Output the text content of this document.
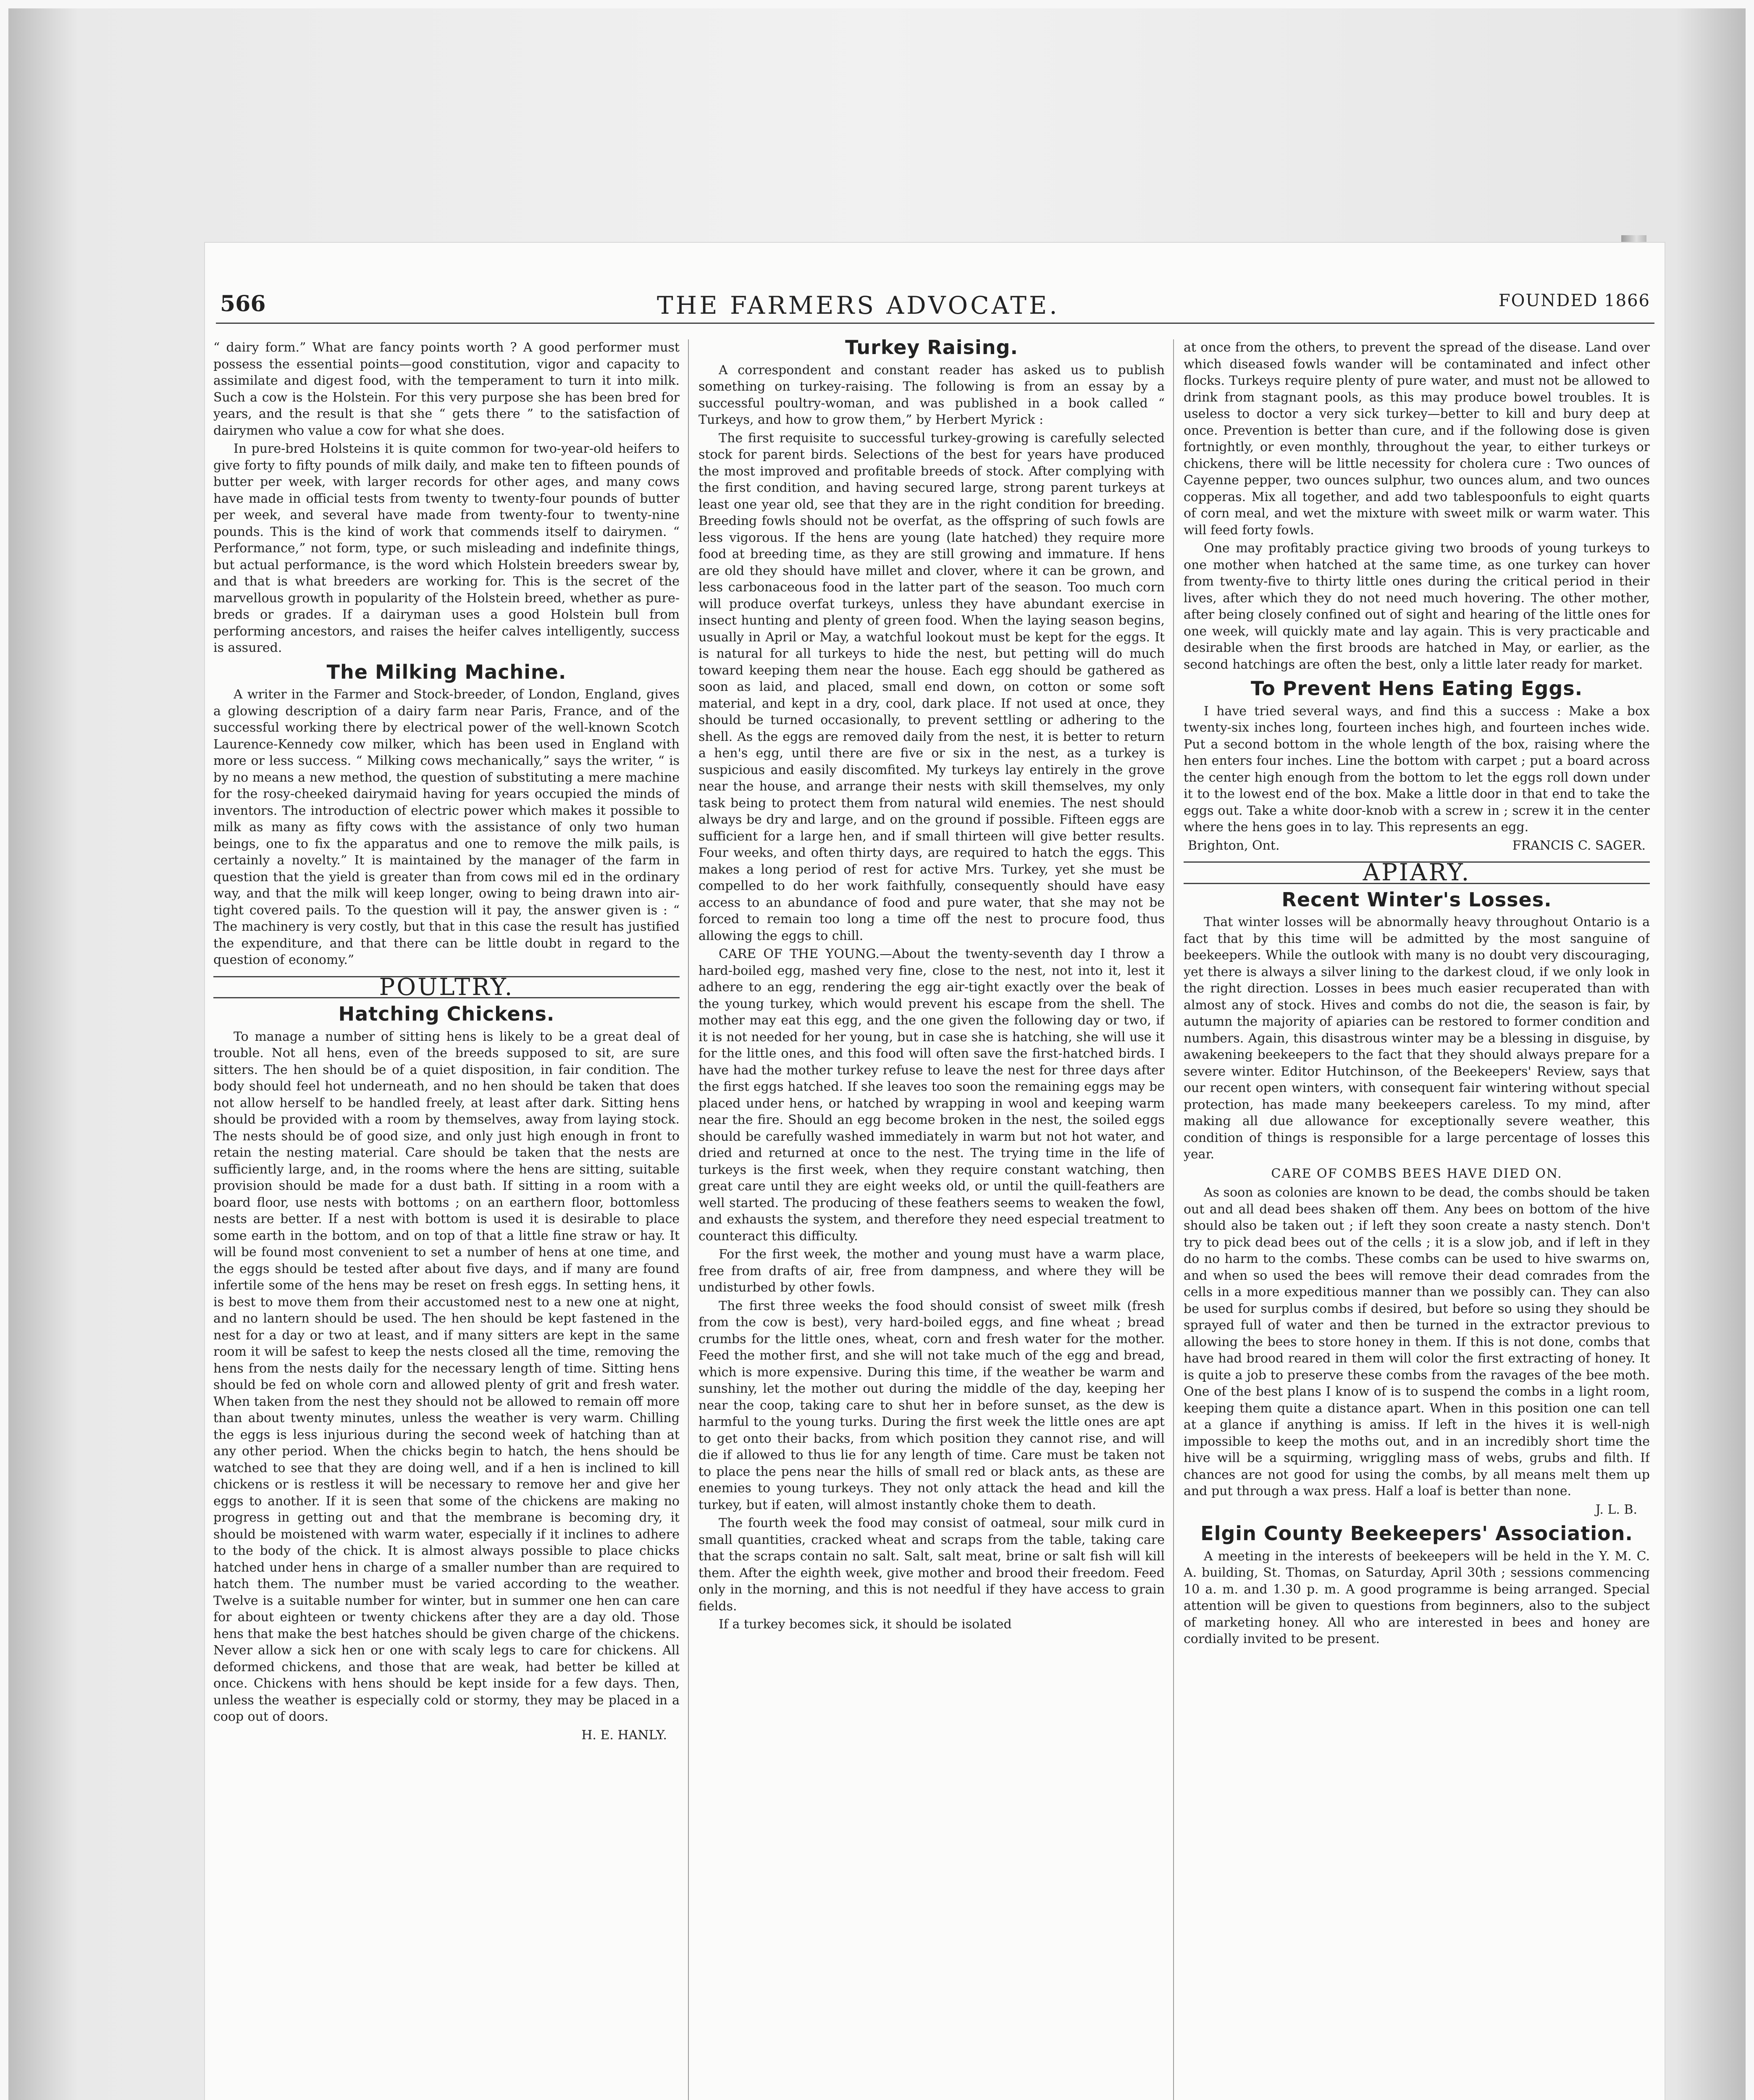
566	THE FARMERS ADVOCATE.	FOUNDED 1866

“ dairy form.” What are fancy points worth ? A good performer must possess the essential points—good constitution, vigor and capacity to assimilate and digest food, with the temperament to turn it into milk. Such a cow is the Holstein. For this very purpose she has been bred for years, and the result is that she “ gets there ” to the satisfaction of dairymen who value a cow for what she does.

In pure-bred Holsteins it is quite common for two-year-old heifers to give forty to fifty pounds of milk daily, and make ten to fifteen pounds of butter per week, with larger records for other ages, and many cows have made in official tests from twenty to twenty-four pounds of butter per week, and several have made from twenty-four to twenty-nine pounds. This is the kind of work that commends itself to dairymen. “ Performance,” not form, type, or such misleading and indefinite things, but actual performance, is the word which Holstein breeders swear by, and that is what breeders are working for. This is the secret of the marvellous growth in popularity of the Holstein breed, whether as pure-breds or grades. If a dairyman uses a good Holstein bull from performing ancestors, and raises the heifer calves intelligently, success is assured.

The Milking Machine.

A writer in the Farmer and Stock-breeder, of London, England, gives a glowing description of a dairy farm near Paris, France, and of the successful working there by electrical power of the well-known Scotch Laurence-Kennedy cow milker, which has been used in England with more or less success. “ Milking cows mechanically,” says the writer, “ is by no means a new method, the question of substituting a mere machine for the rosy-cheeked dairymaid having for years occupied the minds of inventors. The introduction of electric power which makes it possible to milk as many as fifty cows with the assistance of only two human beings, one to fix the apparatus and one to remove the milk pails, is certainly a novelty.” It is maintained by the manager of the farm in question that the yield is greater than from cows mil ed in the ordinary way, and that the milk will keep longer, owing to being drawn into air-tight covered pails. To the question will it pay, the answer given is : “ The machinery is very costly, but that in this case the result has justified the expenditure, and that there can be little doubt in regard to the question of economy.”

POULTRY.
Hatching Chickens.

To manage a number of sitting hens is likely to be a great deal of trouble. Not all hens, even of the breeds supposed to sit, are sure sitters. The hen should be of a quiet disposition, in fair condition. The body should feel hot underneath, and no hen should be taken that does not allow herself to be handled freely, at least after dark. Sitting hens should be provided with a room by themselves, away from laying stock. The nests should be of good size, and only just high enough in front to retain the nesting material. Care should be taken that the nests are sufficiently large, and, in the rooms where the hens are sitting, suitable provision should be made for a dust bath. If sitting in a room with a board floor, use nests with bottoms ; on an earthern floor, bottomless nests are better. If a nest with bottom is used it is desirable to place some earth in the bottom, and on top of that a little fine straw or hay. It will be found most convenient to set a number of hens at one time, and the eggs should be tested after about five days, and if many are found infertile some of the hens may be reset on fresh eggs. In setting hens, it is best to move them from their accustomed nest to a new one at night, and no lantern should be used. The hen should be kept fastened in the nest for a day or two at least, and if many sitters are kept in the same room it will be safest to keep the nests closed all the time, removing the hens from the nests daily for the necessary length of time. Sitting hens should be fed on whole corn and allowed plenty of grit and fresh water. When taken from the nest they should not be allowed to remain off more than about twenty minutes, unless the weather is very warm. Chilling the eggs is less injurious during the second week of hatching than at any other period. When the chicks begin to hatch, the hens should be watched to see that they are doing well, and if a hen is inclined to kill chickens or is restless it will be necessary to remove her and give her eggs to another. If it is seen that some of the chickens are making no progress in getting out and that the membrane is becoming dry, it should be moistened with warm water, especially if it inclines to adhere to the body of the chick. It is almost always possible to place chicks hatched under hens in charge of a smaller number than are required to hatch them. The number must be varied according to the weather. Twelve is a suitable number for winter, but in summer one hen can care for about eighteen or twenty chickens after they are a day old. Those hens that make the best hatches should be given charge of the chickens. Never allow a sick hen or one with scaly legs to care for chickens. All deformed chickens, and those that are weak, had better be killed at once. Chickens with hens should be kept inside for a few days. Then, unless the weather is especially cold or stormy, they may be placed in a coop out of doors.

H. E. HANLY.
Turkey Raising.

A correspondent and constant reader has asked us to publish something on turkey-raising. The following is from an essay by a successful poultry-woman, and was published in a book called “ Turkeys, and how to grow them,” by Herbert Myrick :

The first requisite to successful turkey-growing is carefully selected stock for parent birds. Selections of the best for years have produced the most improved and profitable breeds of stock. After complying with the first condition, and having secured large, strong parent turkeys at least one year old, see that they are in the right condition for breeding. Breeding fowls should not be overfat, as the offspring of such fowls are less vigorous. If the hens are young (late hatched) they require more food at breeding time, as they are still growing and immature. If hens are old they should have millet and clover, where it can be grown, and less carbonaceous food in the latter part of the season. Too much corn will produce overfat turkeys, unless they have abundant exercise in insect hunting and plenty of green food. When the laying season begins, usually in April or May, a watchful lookout must be kept for the eggs. It is natural for all turkeys to hide the nest, but petting will do much toward keeping them near the house. Each egg should be gathered as soon as laid, and placed, small end down, on cotton or some soft material, and kept in a dry, cool, dark place. If not used at once, they should be turned occasionally, to prevent settling or adhering to the shell. As the eggs are removed daily from the nest, it is better to return a hen's egg, until there are five or six in the nest, as a turkey is suspicious and easily discomfited. My turkeys lay entirely in the grove near the house, and arrange their nests with skill themselves, my only task being to protect them from natural wild enemies. The nest should always be dry and large, and on the ground if possible. Fifteen eggs are sufficient for a large hen, and if small thirteen will give better results. Four weeks, and often thirty days, are required to hatch the eggs. This makes a long period of rest for active Mrs. Turkey, yet she must be compelled to do her work faithfully, consequently should have easy access to an abundance of food and pure water, that she may not be forced to remain too long a time off the nest to procure food, thus allowing the eggs to chill.

CARE OF THE YOUNG.—About the twenty-seventh day I throw a hard-boiled egg, mashed very fine, close to the nest, not into it, lest it adhere to an egg, rendering the egg air-tight exactly over the beak of the young turkey, which would prevent his escape from the shell. The mother may eat this egg, and the one given the following day or two, if it is not needed for her young, but in case she is hatching, she will use it for the little ones, and this food will often save the first-hatched birds. I have had the mother turkey refuse to leave the nest for three days after the first eggs hatched. If she leaves too soon the remaining eggs may be placed under hens, or hatched by wrapping in wool and keeping warm near the fire. Should an egg become broken in the nest, the soiled eggs should be carefully washed immediately in warm but not hot water, and dried and returned at once to the nest. The trying time in the life of turkeys is the first week, when they require constant watching, then great care until they are eight weeks old, or until the quill-feathers are well started. The producing of these feathers seems to weaken the fowl, and exhausts the system, and therefore they need especial treatment to counteract this difficulty.

For the first week, the mother and young must have a warm place, free from drafts of air, free from dampness, and where they will be undisturbed by other fowls.

The first three weeks the food should consist of sweet milk (fresh from the cow is best), very hard-boiled eggs, and fine wheat ; bread crumbs for the little ones, wheat, corn and fresh water for the mother. Feed the mother first, and she will not take much of the egg and bread, which is more expensive. During this time, if the weather be warm and sunshiny, let the mother out during the middle of the day, keeping her near the coop, taking care to shut her in before sunset, as the dew is harmful to the young turks. During the first week the little ones are apt to get onto their backs, from which position they cannot rise, and will die if allowed to thus lie for any length of time. Care must be taken not to place the pens near the hills of small red or black ants, as these are enemies to young turkeys. They not only attack the head and kill the turkey, but if eaten, will almost instantly choke them to death.

The fourth week the food may consist of oatmeal, sour milk curd in small quantities, cracked wheat and scraps from the table, taking care that the scraps contain no salt. Salt, salt meat, brine or salt fish will kill them. After the eighth week, give mother and brood their freedom. Feed only in the morning, and this is not needful if they have access to grain fields.

If a turkey becomes sick, it should be isolated

at once from the others, to prevent the spread of the disease. Land over which diseased fowls wander will be contaminated and infect other flocks. Turkeys require plenty of pure water, and must not be allowed to drink from stagnant pools, as this may produce bowel troubles. It is useless to doctor a very sick turkey—better to kill and bury deep at once. Prevention is better than cure, and if the following dose is given fortnightly, or even monthly, throughout the year, to either turkeys or chickens, there will be little necessity for cholera cure : Two ounces of Cayenne pepper, two ounces sulphur, two ounces alum, and two ounces copperas. Mix all together, and add two tablespoonfuls to eight quarts of corn meal, and wet the mixture with sweet milk or warm water. This will feed forty fowls.

One may profitably practice giving two broods of young turkeys to one mother when hatched at the same time, as one turkey can hover from twenty-five to thirty little ones during the critical period in their lives, after which they do not need much hovering. The other mother, after being closely confined out of sight and hearing of the little ones for one week, will quickly mate and lay again. This is very practicable and desirable when the first broods are hatched in May, or earlier, as the second hatchings are often the best, only a little later ready for market.

To Prevent Hens Eating Eggs.

I have tried several ways, and find this a success : Make a box twenty-six inches long, fourteen inches high, and fourteen inches wide. Put a second bottom in the whole length of the box, raising where the hen enters four inches. Line the bottom with carpet ; put a board across the center high enough from the bottom to let the eggs roll down under it to the lowest end of the box. Make a little door in that end to take the eggs out. Take a white door-knob with a screw in ; screw it in the center where the hens goes in to lay. This represents an egg.

Brighton, Ont.	FRANCIS C. SAGER.
APIARY.
Recent Winter's Losses.

That winter losses will be abnormally heavy throughout Ontario is a fact that by this time will be admitted by the most sanguine of beekeepers. While the outlook with many is no doubt very discouraging, yet there is always a silver lining to the darkest cloud, if we only look in the right direction. Losses in bees much easier recuperated than with almost any of stock. Hives and combs do not die, the season is fair, by autumn the majority of apiaries can be restored to former condition and numbers. Again, this disastrous winter may be a blessing in disguise, by awakening beekeepers to the fact that they should always prepare for a severe winter. Editor Hutchinson, of the Beekeepers' Review, says that our recent open winters, with consequent fair wintering without special protection, has made many beekeepers careless. To my mind, after making all due allowance for exceptionally severe weather, this condition of things is responsible for a large percentage of losses this year.

CARE OF COMBS BEES HAVE DIED ON.

As soon as colonies are known to be dead, the combs should be taken out and all dead bees shaken off them. Any bees on bottom of the hive should also be taken out ; if left they soon create a nasty stench. Don't try to pick dead bees out of the cells ; it is a slow job, and if left in they do no harm to the combs. These combs can be used to hive swarms on, and when so used the bees will remove their dead comrades from the cells in a more expeditious manner than we possibly can. They can also be used for surplus combs if desired, but before so using they should be sprayed full of water and then be turned in the extractor previous to allowing the bees to store honey in them. If this is not done, combs that have had brood reared in them will color the first extracting of honey. It is quite a job to preserve these combs from the ravages of the bee moth. One of the best plans I know of is to suspend the combs in a light room, keeping them quite a distance apart. When in this position one can tell at a glance if anything is amiss. If left in the hives it is well-nigh impossible to keep the moths out, and in an incredibly short time the hive will be a squirming, wriggling mass of webs, grubs and filth. If chances are not good for using the combs, by all means melt them up and put through a wax press. Half a loaf is better than none.

J. L. B.
Elgin County Beekeepers' Association.

A meeting in the interests of beekeepers will be held in the Y. M. C. A. building, St. Thomas, on Saturday, April 30th ; sessions commencing 10 a. m. and 1.30 p. m. A good programme is being arranged. Special attention will be given to questions from beginners, also to the subject of marketing honey. All who are interested in bees and honey are cordially invited to be present.
